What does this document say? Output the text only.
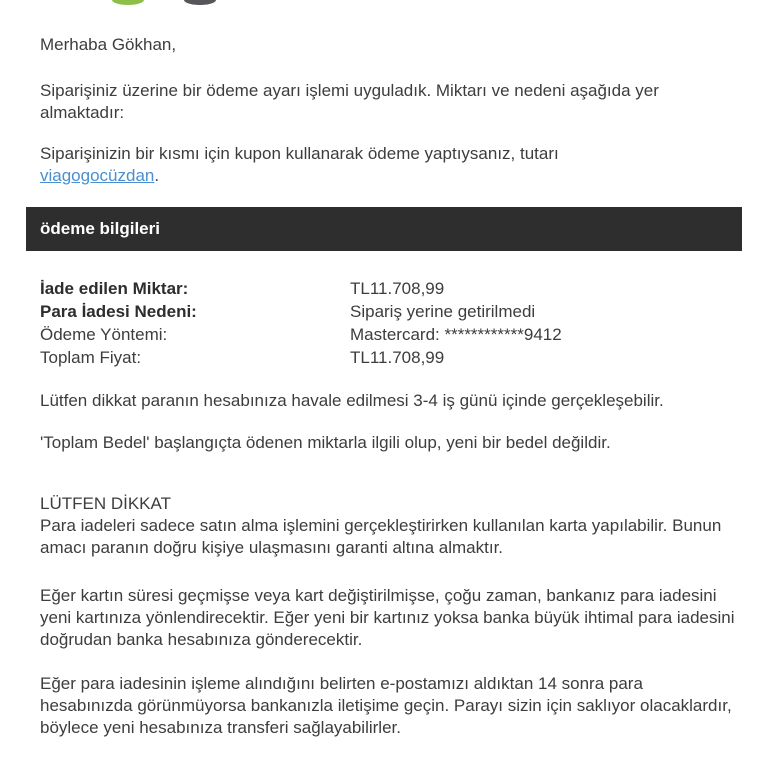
Merhaba Gökhan,
Siparişiniz üzerine bir ödeme ayarı işlemi uyguladık. Miktarı ve nedeni aşağıda yer almaktadır:
Siparişinizin bir kısmı için kupon kullanarak ödeme yaptıysanız, tutarı
viagogocüzdan.
ödeme bilgileri
İade edilen Miktar:	TL11.708,99
Para İadesi Nedeni:	Sipariş yerine getirilmedi
Ödeme Yöntemi:	Mastercard: ************9412
Toplam Fiyat:	TL11.708,99
Lütfen dikkat paranın hesabınıza havale edilmesi 3-4 iş günü içinde gerçekleşebilir.
'Toplam Bedel' başlangıçta ödenen miktarla ilgili olup, yeni bir bedel değildir.
LÜTFEN DİKKAT
Para iadeleri sadece satın alma işlemini gerçekleştirirken kullanılan karta yapılabilir. Bunun amacı paranın doğru kişiye ulaşmasını garanti altına almaktır.
Eğer kartın süresi geçmişse veya kart değiştirilmişse, çoğu zaman, bankanız para iadesini yeni kartınıza yönlendirecektir. Eğer yeni bir kartınız yoksa banka büyük ihtimal para iadesini doğrudan banka hesabınıza gönderecektir.
Eğer para iadesinin işleme alındığını belirten e-postamızı aldıktan 14 sonra para hesabınızda görünmüyorsa bankanızla iletişime geçin. Parayı sizin için saklıyor olacaklardır, böylece yeni hesabınıza transferi sağlayabilirler.
